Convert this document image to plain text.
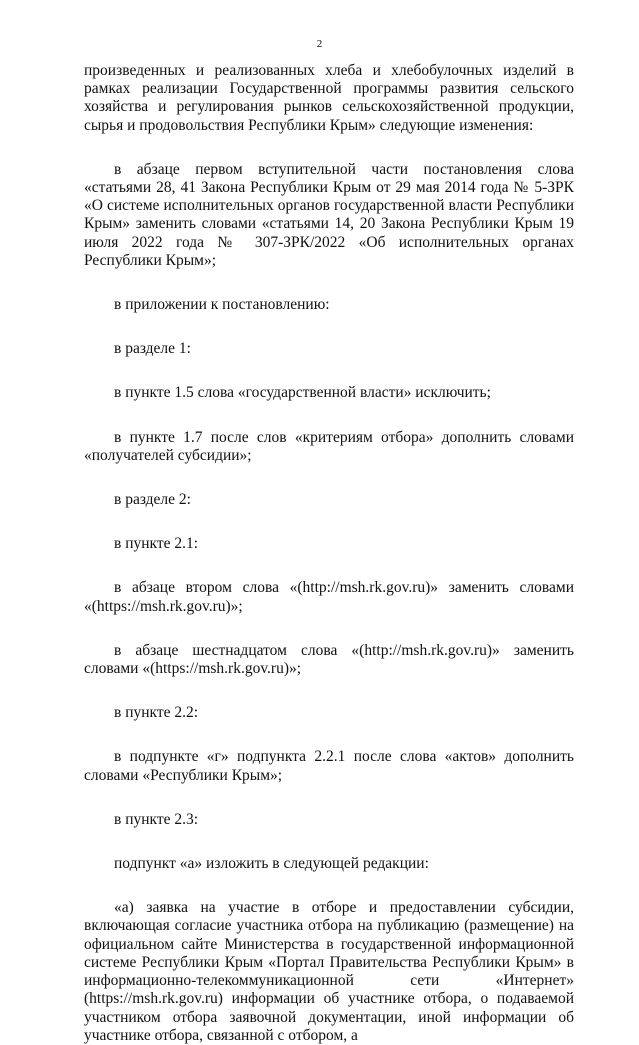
2

произведенных и реализованных хлеба и хлебобулочных изделий в рамках реализации Государственной программы развития сельского хозяйства и регулирования рынков сельскохозяйственной продукции, сырья и продовольствия Республики Крым» следующие изменения:

в абзаце первом вступительной части постановления слова «статьями 28, 41 Закона Республики Крым от 29 мая 2014 года № 5-ЗРК «О системе исполнительных органов государственной власти Республики Крым» заменить словами «статьями 14, 20 Закона Республики Крым 19 июля 2022 года № 307-ЗРК/2022 «Об исполнительных органах Республики Крым»;

в приложении к постановлению:

в разделе 1:

в пункте 1.5 слова «государственной власти» исключить;

в пункте 1.7 после слов «критериям отбора» дополнить словами «получателей субсидии»;

в разделе 2:

в пункте 2.1:

в абзаце втором слова «(http://msh.rk.gov.ru)» заменить словами «(https://msh.rk.gov.ru)»;

в абзаце шестнадцатом слова «(http://msh.rk.gov.ru)» заменить словами «(https://msh.rk.gov.ru)»;

в пункте 2.2:

в подпункте «г» подпункта 2.2.1 после слова «актов» дополнить словами «Республики Крым»;

в пункте 2.3:

подпункт «а» изложить в следующей редакции:

«а) заявка на участие в отборе и предоставлении субсидии, включающая согласие участника отбора на публикацию (размещение) на официальном сайте Министерства в государственной информационной системе Республики Крым «Портал Правительства Республики Крым» в информационно-телекоммуникационной сети «Интернет» (https://msh.rk.gov.ru) информации об участнике отбора, о подаваемой участником отбора заявочной документации, иной информации об участнике отбора, связанной с отбором, а
